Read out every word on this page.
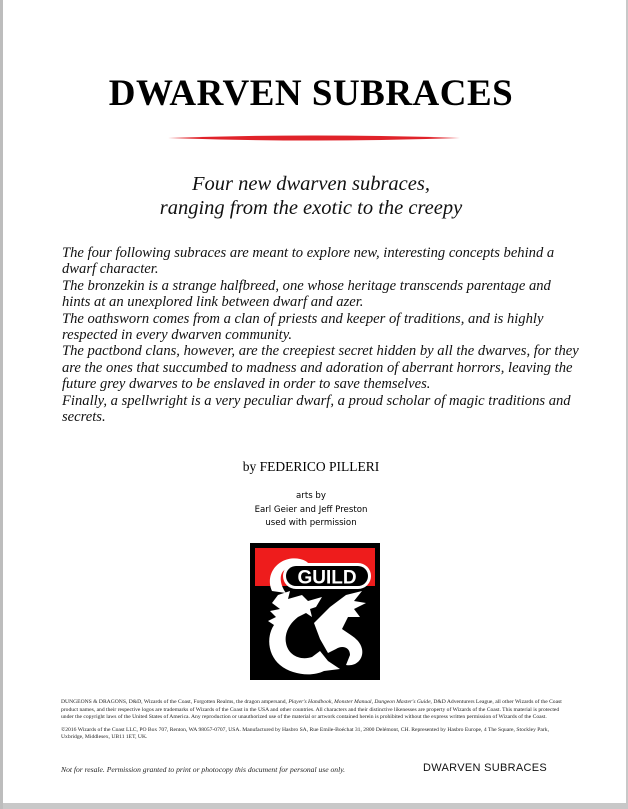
DWARVEN SUBRACES
Four new dwarven subraces,
ranging from the exotic to the creepy

The four following subraces are meant to explore new, interesting concepts behind a dwarf character.

The bronzekin is a strange halfbreed, one whose heritage transcends parentage and hints at an unexplored link between dwarf and azer.

The oathsworn comes from a clan of priests and keeper of traditions, and is highly respected in every dwarven community.

The pactbond clans, however, are the creepiest secret hidden by all the dwarves, for they are the ones that succumbed to madness and adoration of aberrant horrors, leaving the future grey dwarves to be enslaved in order to save themselves.

Finally, a spellwright is a very peculiar dwarf, a proud scholar of magic traditions and secrets.

by FEDERICO PILLERI
arts by
Earl Geier and Jeff Preston
used with permission
GUILD

DUNGEONS & DRAGONS, D&D, Wizards of the Coast, Forgotten Realms, the dragon ampersand, Player's Handbook, Monster Manual, Dungeon Master's Guide, D&D Adventurers League, all other Wizards of the Coast product names, and their respective logos are trademarks of Wizards of the Coast in the USA and other countries. All characters and their distinctive likenesses are property of Wizards of the Coast. This material is protected under the copyright laws of the United States of America. Any reproduction or unauthorized use of the material or artwork contained herein is prohibited without the express written permission of Wizards of the Coast.

©2016 Wizards of the Coast LLC, PO Box 707, Renton, WA 98057-0707, USA. Manufactured by Hasbro SA, Rue Emile-Boéchat 31, 2800 Delémont, CH. Represented by Hasbro Europe, 4 The Square, Stockley Park, Uxbridge, Middlesex, UB11 1ET, UK.

Not for resale. Permission granted to print or photocopy this document for personal use only.	DWARVEN SUBRACES
